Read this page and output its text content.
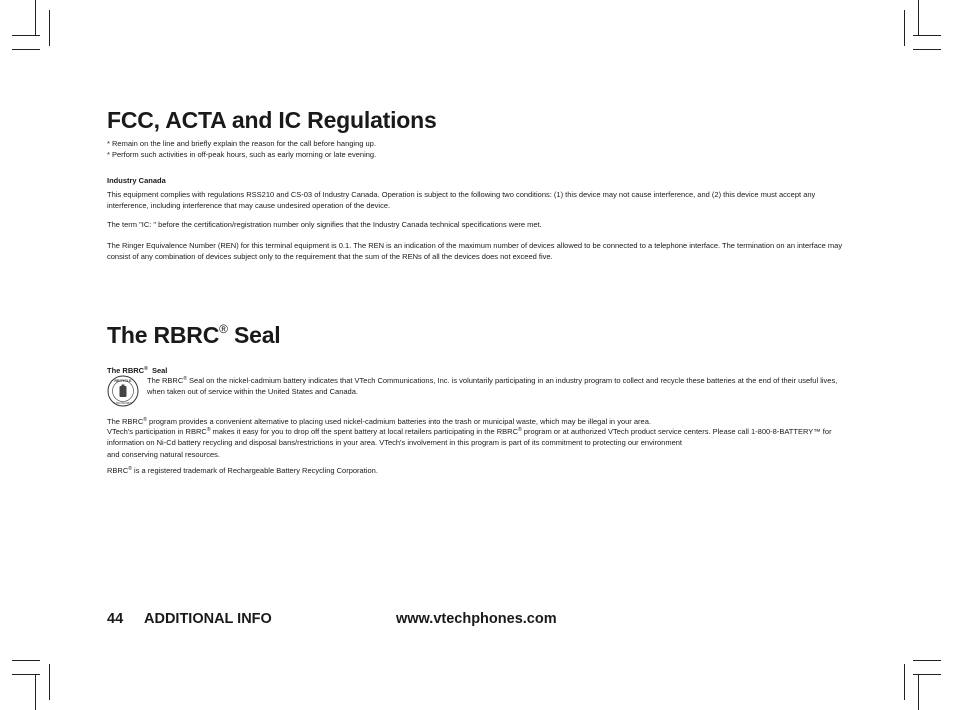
FCC, ACTA and IC Regulations

* Remain on the line and briefly explain the reason for the call before hanging up.

* Perform such activities in off-peak hours, such as early morning or late evening.

Industry Canada

This equipment complies with regulations RSS210 and CS-03 of Industry Canada. Operation is subject to the following two conditions: (1) this device may not cause interference, and (2) this device must accept any interference, including interference that may cause undesired operation of the device.

The term "IC: " before the certification/registration number only signifies that the Industry Canada technical specifications were met.

The Ringer Equivalence Number (REN) for this terminal equipment is 0.1. The REN is an indication of the maximum number of devices allowed to be connected to a telephone interface. The termination on an interface may consist of any combination of devices subject only to the requirement that the sum of the RENs of all the devices does not exceed five.

The RBRC® Seal

The RBRC®  Seal

RECYCLE
1.800.822.8837
The RBRC® Seal on the nickel-cadmium battery indicates that VTech Communications, Inc. is voluntarily participating in an industry program to collect and recycle these batteries at the end of their useful lives, when taken out of service within the United States and Canada.

The RBRC® program provides a convenient alternative to placing used nickel-cadmium batteries into the trash or municipal waste, which may be illegal in your area.

VTech's participation in RBRC® makes it easy for you to drop off the spent battery at local retailers participating in the RBRC® program or at authorized VTech product service centers. Please call 1-800-8-BATTERY™ for information on Ni-Cd battery recycling and disposal bans/restrictions in your area. VTech's involvement in this program is part of its commitment to protecting our environment

and conserving natural resources.

RBRC® is a registered trademark of Rechargeable Battery Recycling Corporation.

44 ADDITIONAL INFO	www.vtechphones.com
